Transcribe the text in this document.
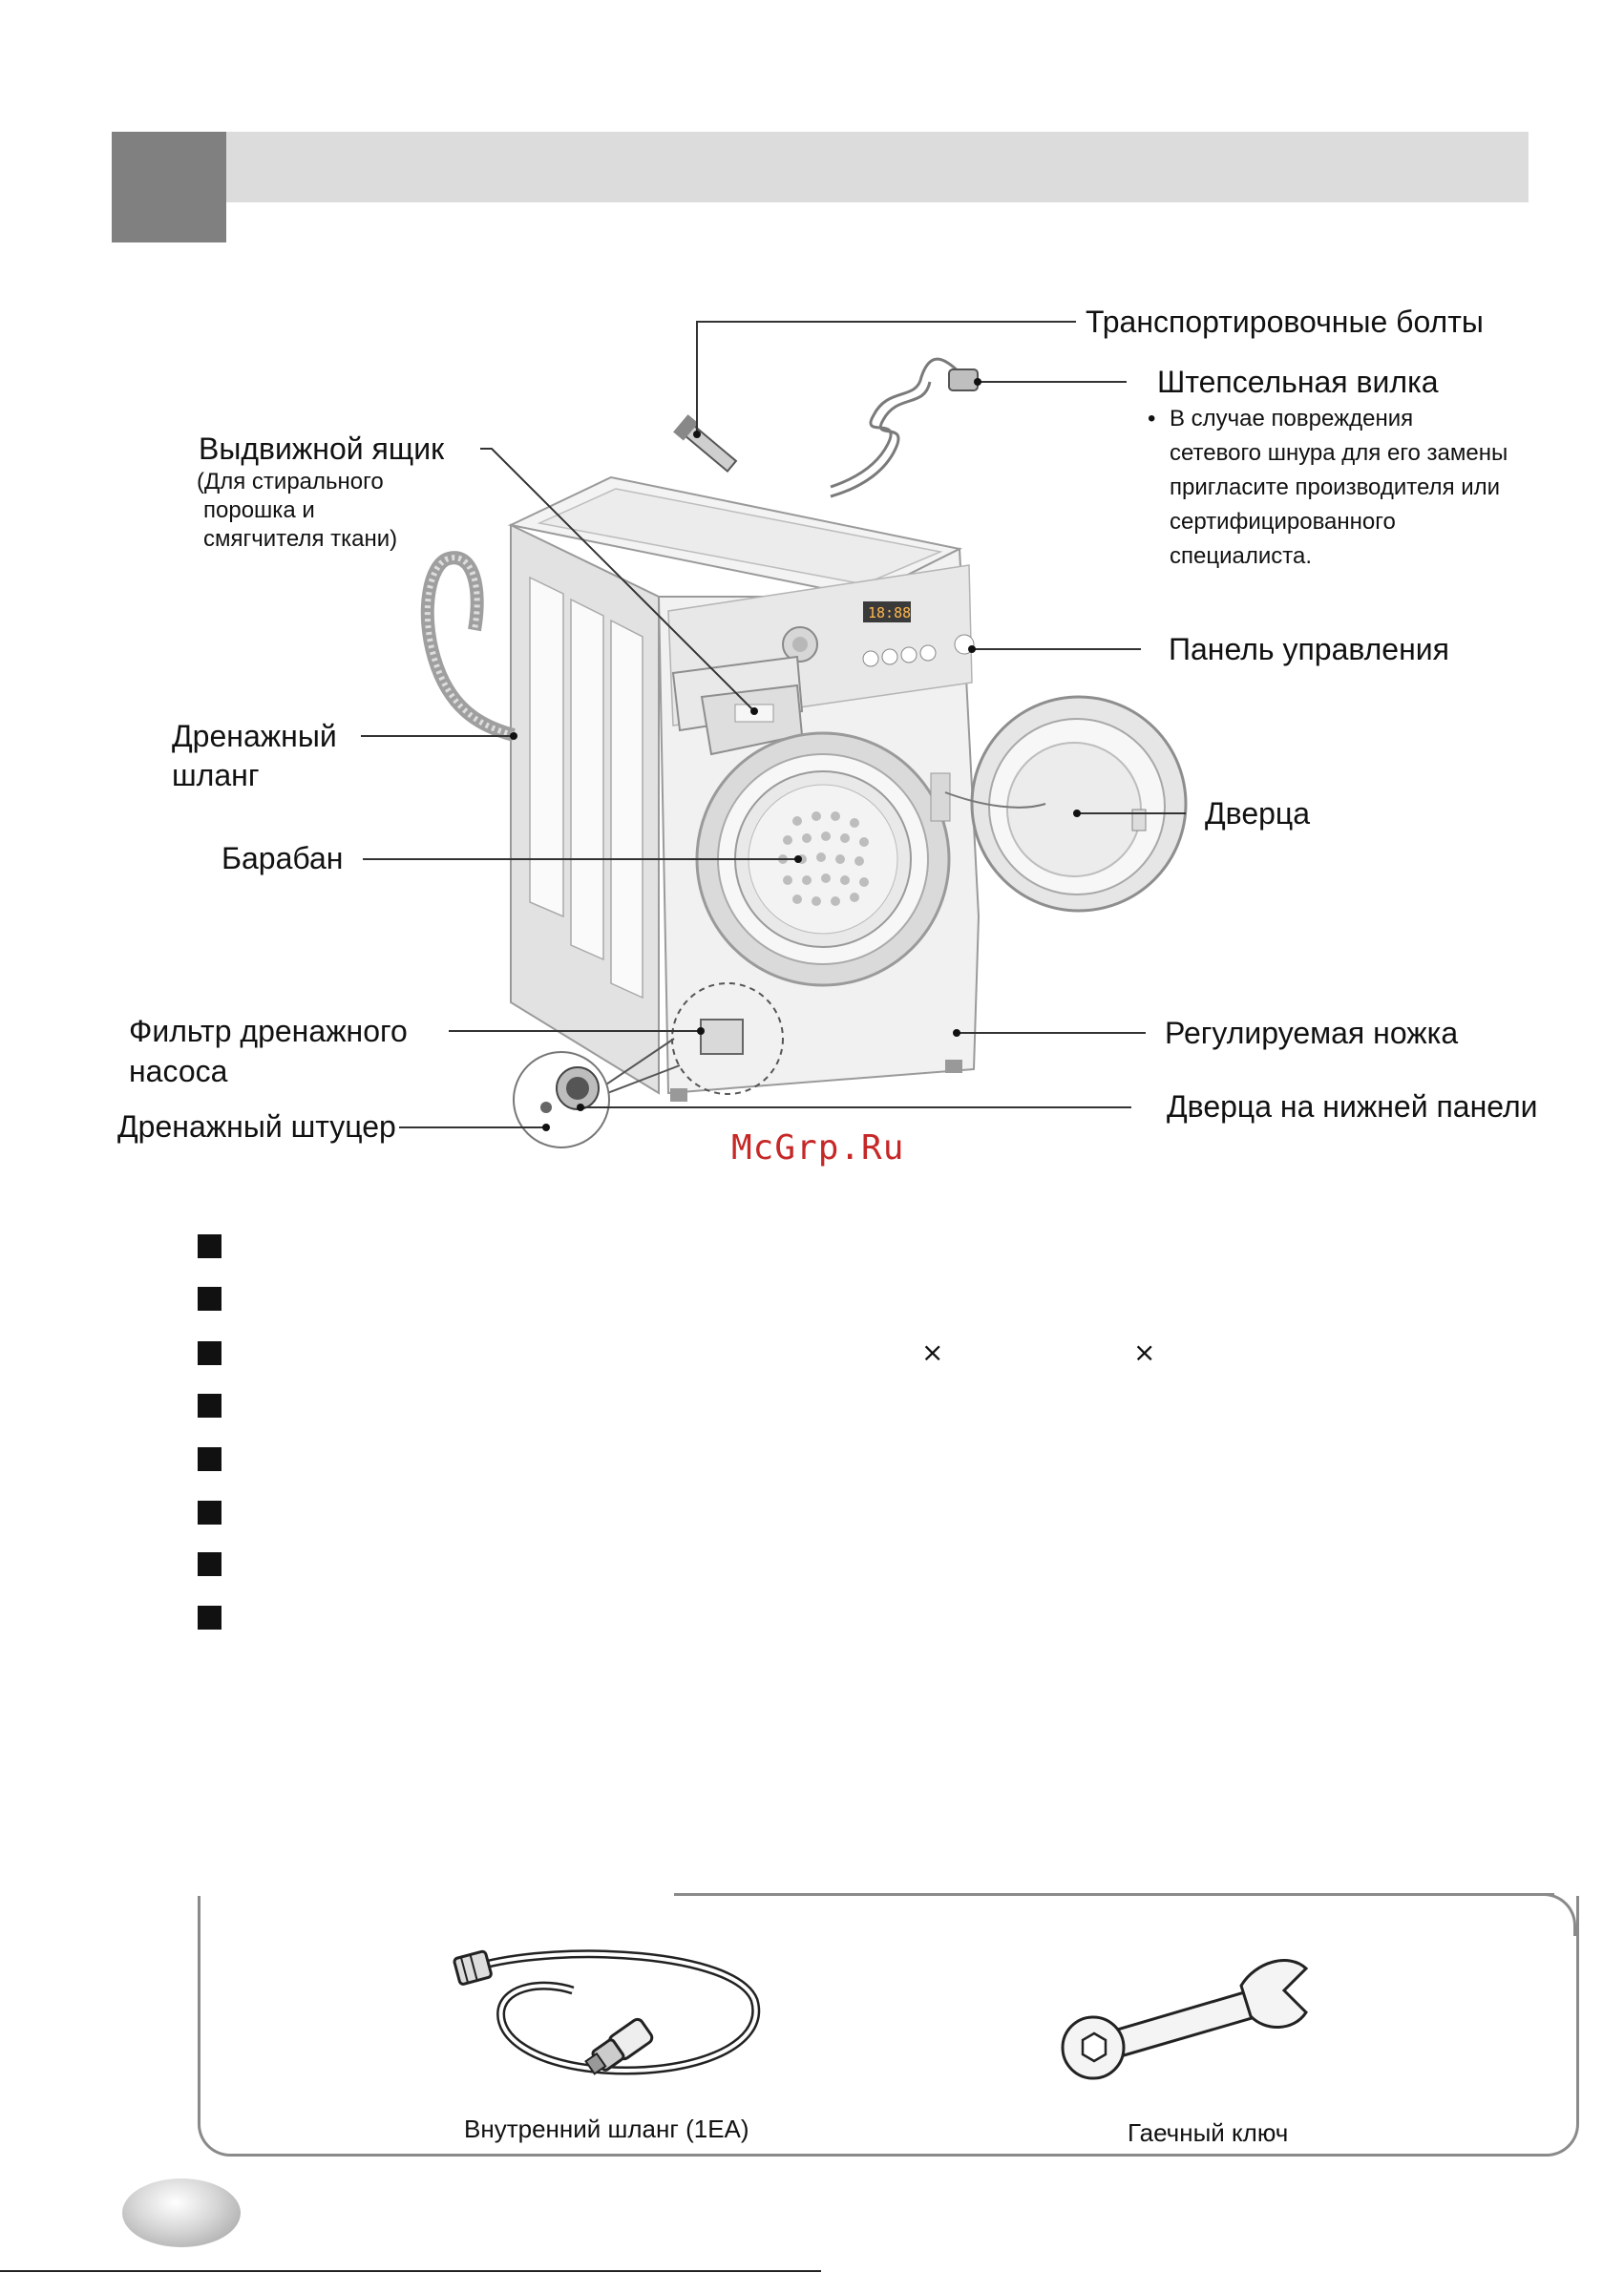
18:88
Транспортировочные болты
Штепсельная вилка
• В случае повреждения
сетевого шнура для его замены
пригласите производителя или
сертифицированного
специалиста.
Выдвижной ящик
(Для стирального
порошка и
смягчителя ткани)
Панель управления
Дренажный
шланг
Дверца
Барабан
Фильтр дренажного
насоса
Регулируемая ножка
Дверца на нижней панели
Дренажный штуцер
McGrp.Ru
×	×
Внутренний шланг (1EA)	Гаечный ключ
